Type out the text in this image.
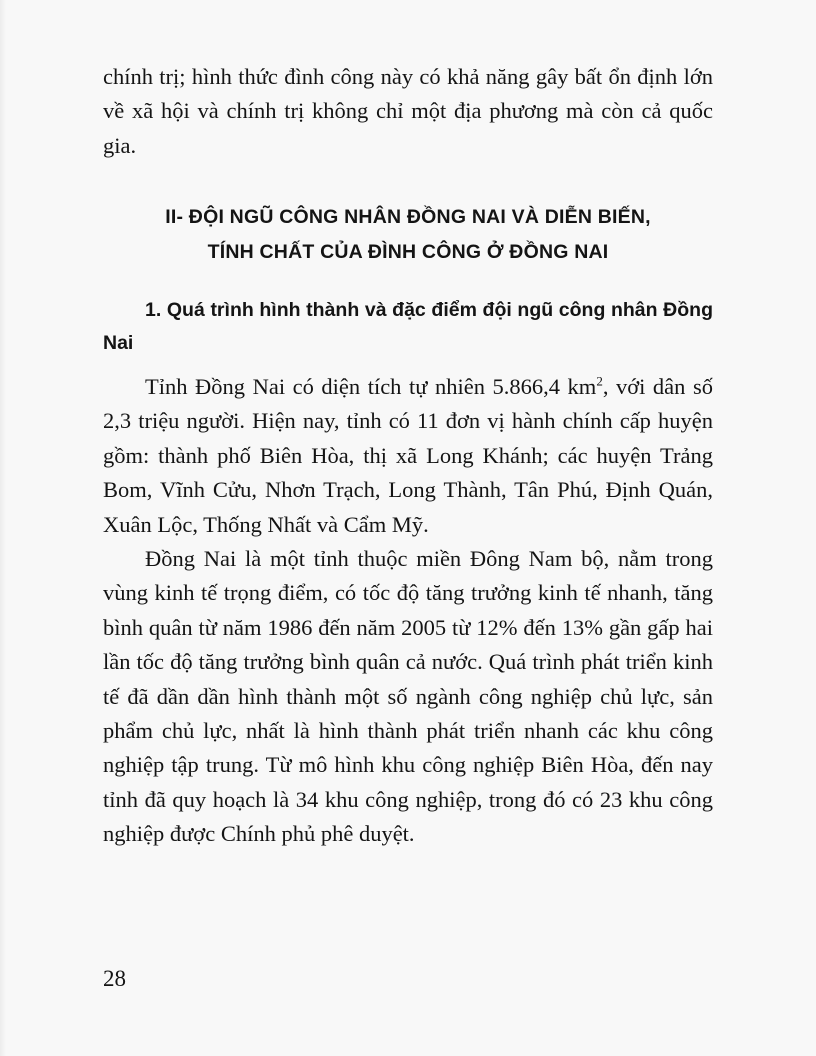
chính trị; hình thức đình công này có khả năng gây bất ổn định lớn về xã hội và chính trị không chỉ một địa phương mà còn cả quốc gia.

II- ĐỘI NGŨ CÔNG NHÂN ĐỒNG NAI VÀ DIỄN BIẾN,
TÍNH CHẤT CỦA ĐÌNH CÔNG Ở ĐỒNG NAI
1. Quá trình hình thành và đặc điểm đội ngũ công nhân Đồng Nai

Tỉnh Đồng Nai có diện tích tự nhiên 5.866,4 $km^2$, với dân số 2,3 triệu người. Hiện nay, tỉnh có 11 đơn vị hành chính cấp huyện gồm: thành phố Biên Hòa, thị xã Long Khánh; các huyện Trảng Bom, Vĩnh Cửu, Nhơn Trạch, Long Thành, Tân Phú, Định Quán, Xuân Lộc, Thống Nhất và Cẩm Mỹ.

Đồng Nai là một tỉnh thuộc miền Đông Nam bộ, nằm trong vùng kinh tế trọng điểm, có tốc độ tăng trưởng kinh tế nhanh, tăng bình quân từ năm 1986 đến năm 2005 từ 12% đến 13% gần gấp hai lần tốc độ tăng trưởng bình quân cả nước. Quá trình phát triển kinh tế đã dần dần hình thành một số ngành công nghiệp chủ lực, sản phẩm chủ lực, nhất là hình thành phát triển nhanh các khu công nghiệp tập trung. Từ mô hình khu công nghiệp Biên Hòa, đến nay tỉnh đã quy hoạch là 34 khu công nghiệp, trong đó có 23 khu công nghiệp được Chính phủ phê duyệt.

28
